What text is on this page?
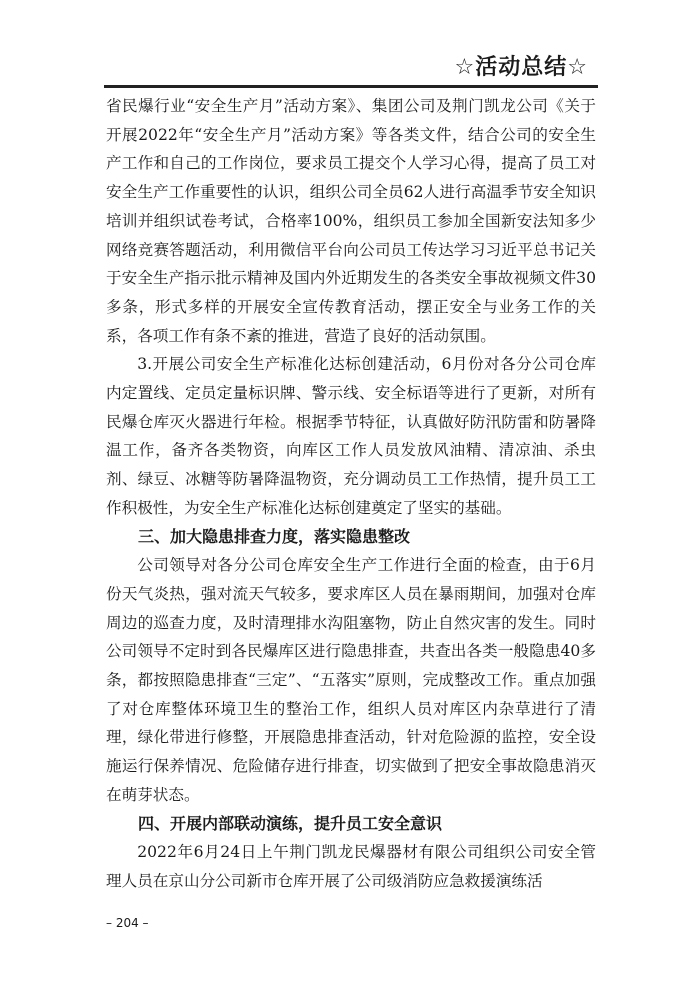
☆活动总结☆

省民爆行业“安全生产月”活动方案》、集团公司及荆门凯龙公司《关于开展2022年“安全生产月”活动方案》等各类文件，结合公司的安全生产工作和自己的工作岗位，要求员工提交个人学习心得，提高了员工对安全生产工作重要性的认识，组织公司全员62人进行高温季节安全知识培训并组织试卷考试，合格率100%，组织员工参加全国新安法知多少网络竞赛答题活动，利用微信平台向公司员工传达学习习近平总书记关于安全生产指示批示精神及国内外近期发生的各类安全事故视频文件30多条，形式多样的开展安全宣传教育活动，摆正安全与业务工作的关系，各项工作有条不紊的推进，营造了良好的活动氛围。

3.开展公司安全生产标准化达标创建活动，6月份对各分公司仓库内定置线、定员定量标识牌、警示线、安全标语等进行了更新，对所有民爆仓库灭火器进行年检。根据季节特征，认真做好防汛防雷和防暑降温工作，备齐各类物资，向库区工作人员发放风油精、清凉油、杀虫剂、绿豆、冰糖等防暑降温物资，充分调动员工工作热情，提升员工工作积极性，为安全生产标准化达标创建奠定了坚实的基础。

三、加大隐患排查力度，落实隐患整改

公司领导对各分公司仓库安全生产工作进行全面的检查，由于6月份天气炎热，强对流天气较多，要求库区人员在暴雨期间，加强对仓库周边的巡查力度，及时清理排水沟阻塞物，防止自然灾害的发生。同时公司领导不定时到各民爆库区进行隐患排查，共查出各类一般隐患40多条，都按照隐患排查“三定”、“五落实”原则，完成整改工作。重点加强了对仓库整体环境卫生的整治工作，组织人员对库区内杂草进行了清理，绿化带进行修整，开展隐患排查活动，针对危险源的监控，安全设施运行保养情况、危险储存进行排查，切实做到了把安全事故隐患消灭在萌芽状态。

四、开展内部联动演练，提升员工安全意识

2022年6月24日上午荆门凯龙民爆器材有限公司组织公司安全管理人员在京山分公司新市仓库开展了公司级消防应急救援演练活

– 204 –
